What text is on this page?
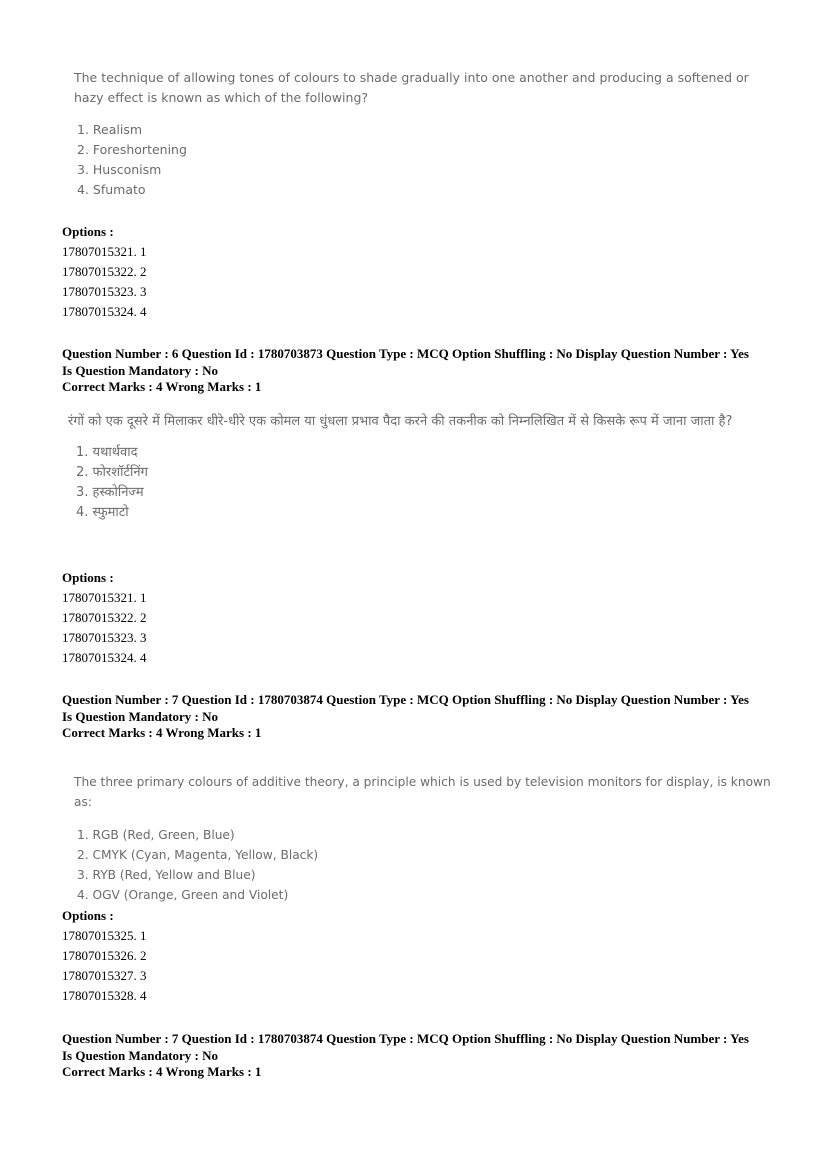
The technique of allowing tones of colours to shade gradually into one another and producing a softened or hazy effect is known as which of the following?

1. Realism
2. Foreshortening
3. Husconism
4. Sfumato
Options :
17807015321. 1
17807015322. 2
17807015323. 3
17807015324. 4
Question Number : 6 Question Id : 1780703873 Question Type : MCQ Option Shuffling : No Display Question Number : Yes
Is Question Mandatory : No
Correct Marks : 4 Wrong Marks : 1

रंगों को एक दूसरे में मिलाकर धीरे-धीरे एक कोमल या धुंधला प्रभाव पैदा करने की तकनीक को निम्नलिखित में से किसके रूप में जाना जाता है?

1. यथार्थवाद
2. फोरशॉर्टनिंग
3. हस्कोनिज्म
4. स्फुमाटो
Options :
17807015321. 1
17807015322. 2
17807015323. 3
17807015324. 4
Question Number : 7 Question Id : 1780703874 Question Type : MCQ Option Shuffling : No Display Question Number : Yes
Is Question Mandatory : No
Correct Marks : 4 Wrong Marks : 1

The three primary colours of additive theory, a principle which is used by television monitors for display, is known as:

1. RGB (Red, Green, Blue)
2. CMYK (Cyan, Magenta, Yellow, Black)
3. RYB (Red, Yellow and Blue)
4. OGV (Orange, Green and Violet)
Options :
17807015325. 1
17807015326. 2
17807015327. 3
17807015328. 4
Question Number : 7 Question Id : 1780703874 Question Type : MCQ Option Shuffling : No Display Question Number : Yes
Is Question Mandatory : No
Correct Marks : 4 Wrong Marks : 1
